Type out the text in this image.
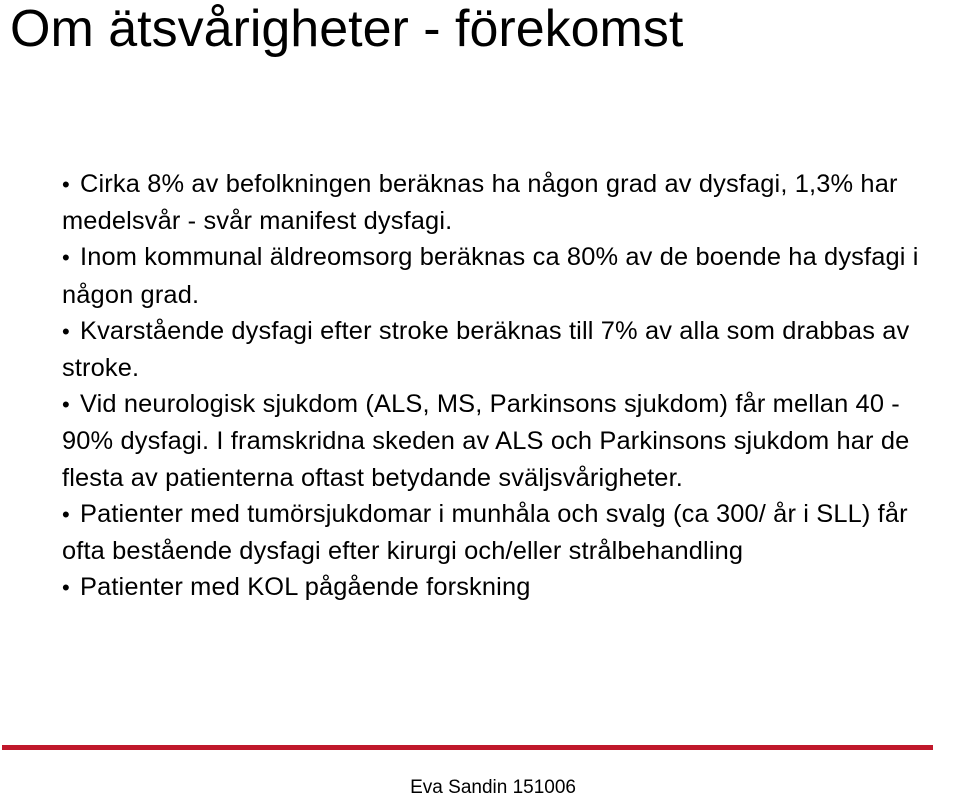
Om ätsvårigheter - förekomst
• Cirka 8% av befolkningen beräknas ha någon grad av dysfagi, 1,3% har medelsvår - svår manifest dysfagi.
• Inom kommunal äldreomsorg beräknas ca 80% av de boende ha dysfagi i någon grad.
• Kvarstående dysfagi efter stroke beräknas till 7% av alla som drabbas av stroke.
• Vid neurologisk sjukdom (ALS, MS, Parkinsons sjukdom) får mellan 40 - 90% dysfagi. I framskridna skeden av ALS och Parkinsons sjukdom har de flesta av patienterna oftast betydande sväljsvårigheter.
• Patienter med tumörsjukdomar i munhåla och svalg (ca 300/ år i SLL) får ofta bestående dysfagi efter kirurgi och/eller strålbehandling
• Patienter med KOL pågående forskning
Eva Sandin 151006
